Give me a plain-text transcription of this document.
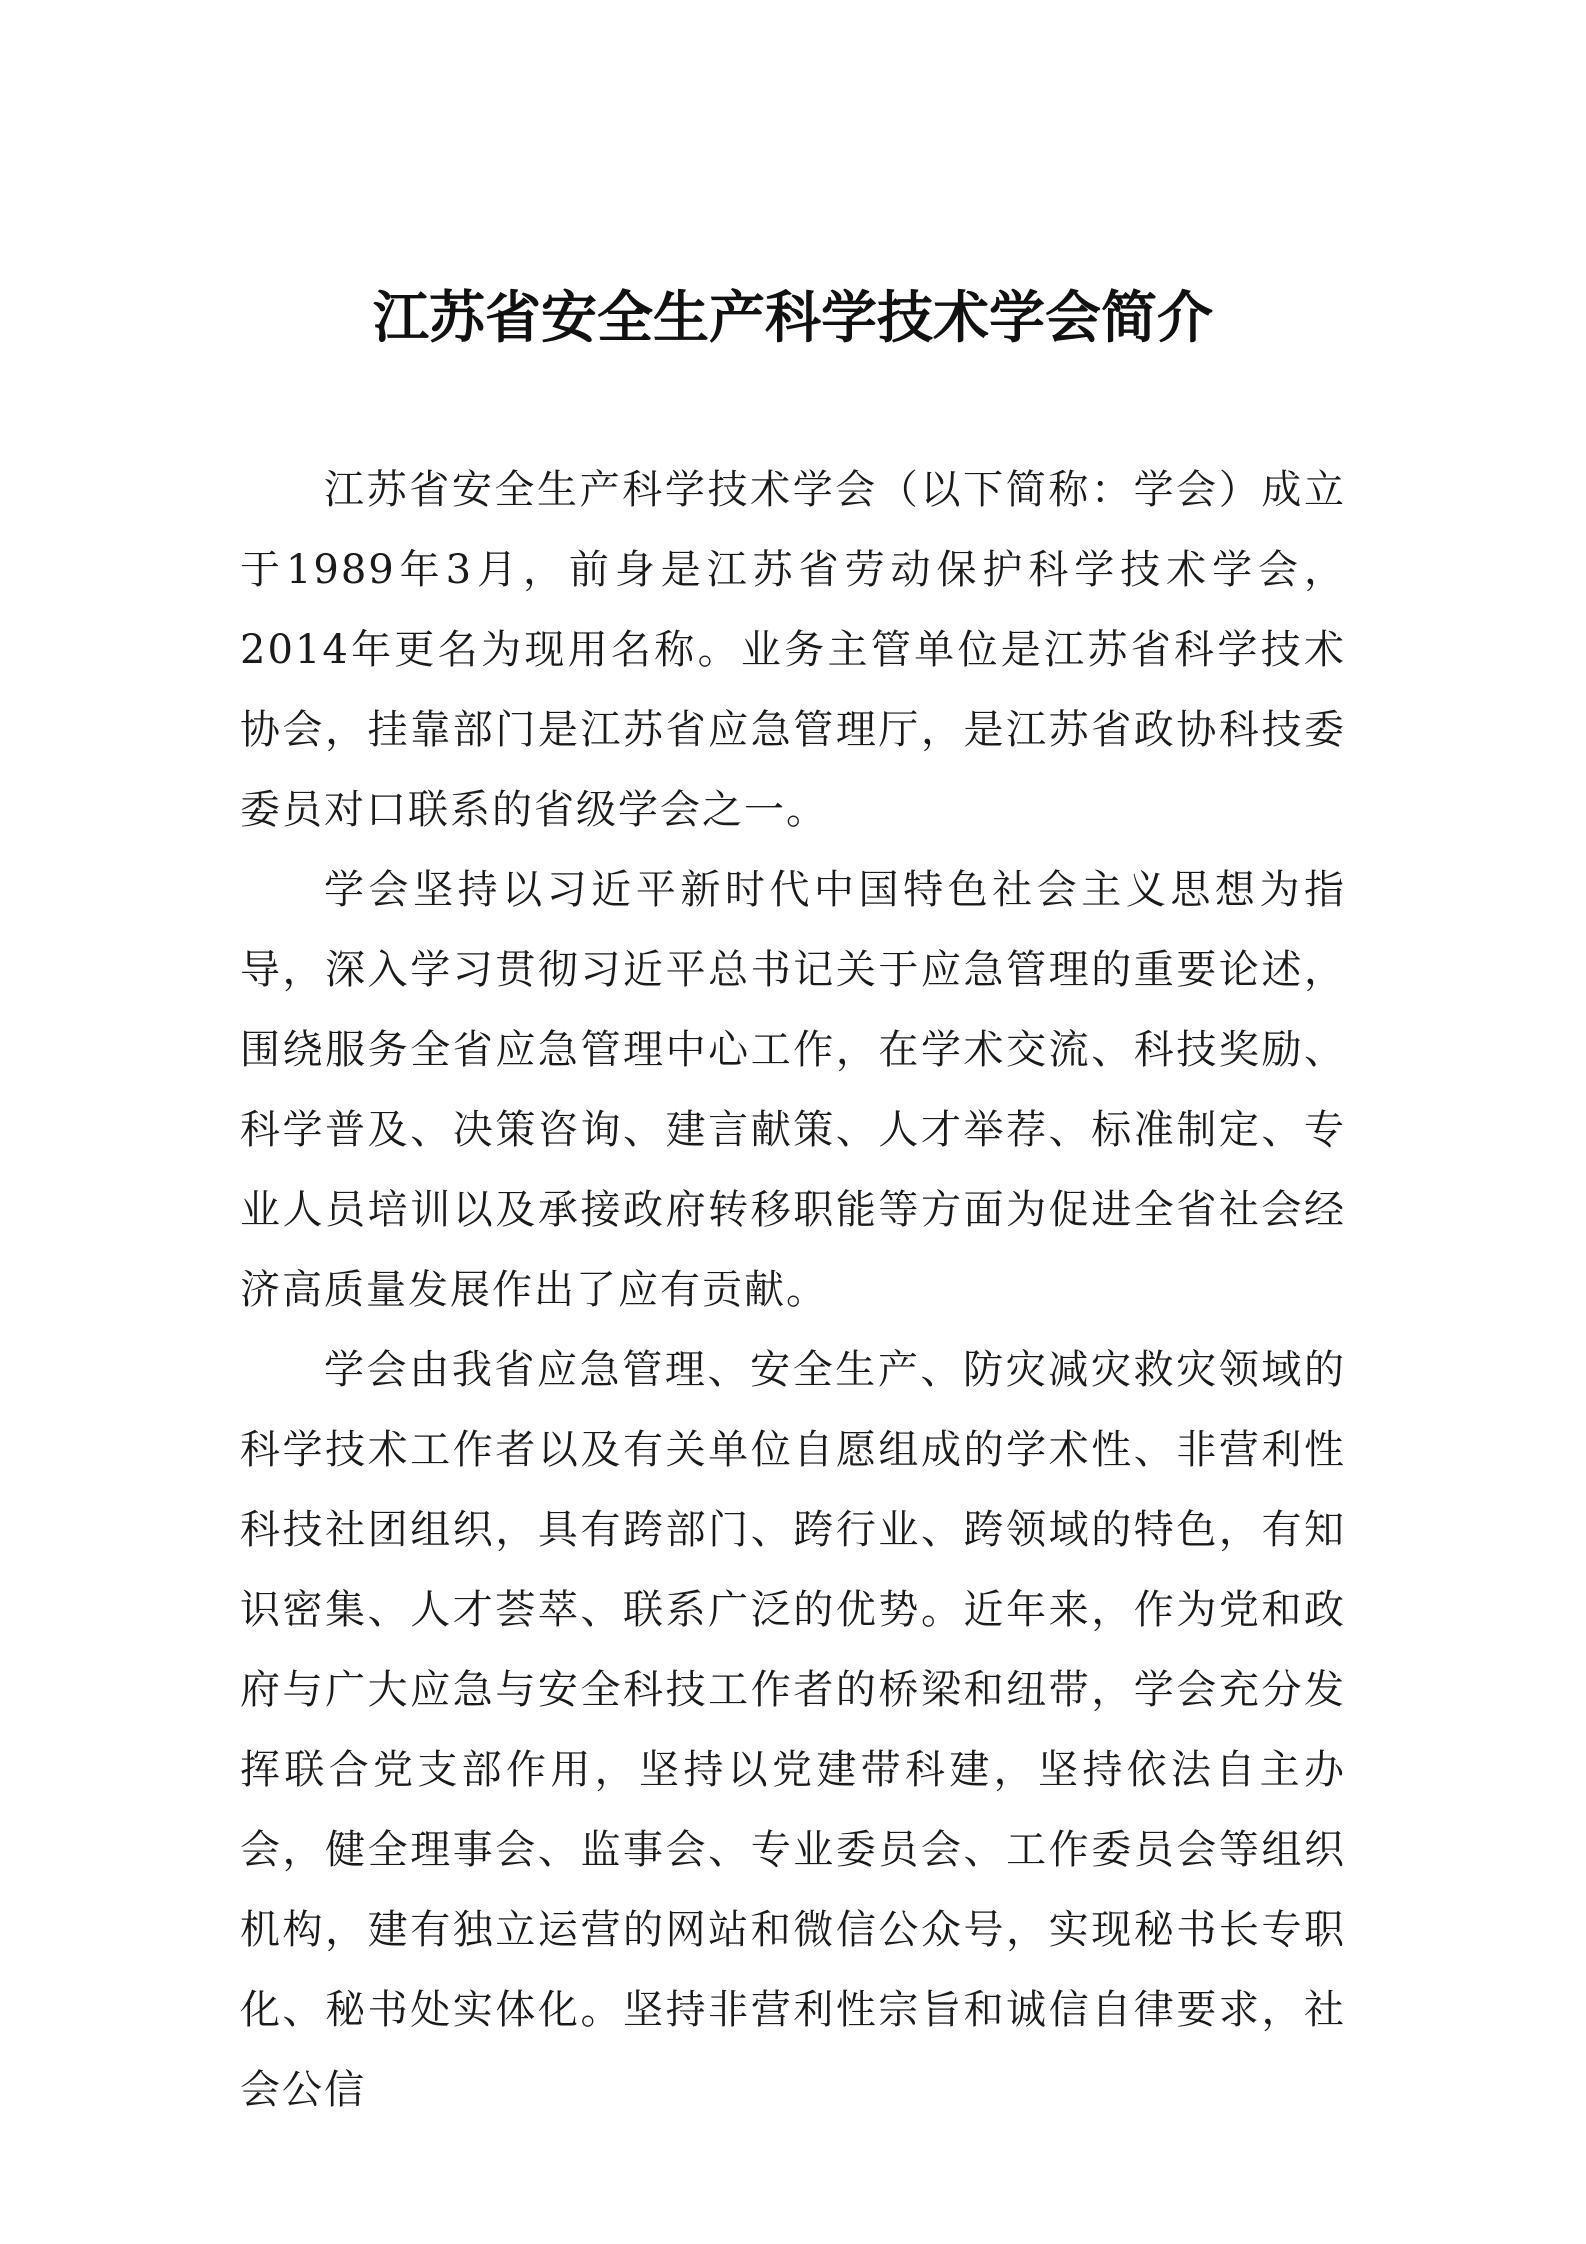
江苏省安全生产科学技术学会简介

江苏省安全生产科学技术学会（以下简称：学会）成立于1989年3月，前身是江苏省劳动保护科学技术学会，2014年更名为现用名称。业务主管单位是江苏省科学技术协会，挂靠部门是江苏省应急管理厅，是江苏省政协科技委委员对口联系的省级学会之一。

学会坚持以习近平新时代中国特色社会主义思想为指导，深入学习贯彻习近平总书记关于应急管理的重要论述，围绕服务全省应急管理中心工作，在学术交流、科技奖励、科学普及、决策咨询、建言献策、人才举荐、标准制定、专业人员培训以及承接政府转移职能等方面为促进全省社会经济高质量发展作出了应有贡献。

学会由我省应急管理、安全生产、防灾减灾救灾领域的科学技术工作者以及有关单位自愿组成的学术性、非营利性科技社团组织，具有跨部门、跨行业、跨领域的特色，有知识密集、人才荟萃、联系广泛的优势。近年来，作为党和政府与广大应急与安全科技工作者的桥梁和纽带，学会充分发挥联合党支部作用，坚持以党建带科建，坚持依法自主办会，健全理事会、监事会、专业委员会、工作委员会等组织机构，建有独立运营的网站和微信公众号，实现秘书长专职化、秘书处实体化。坚持非营利性宗旨和诚信自律要求，社会公信
